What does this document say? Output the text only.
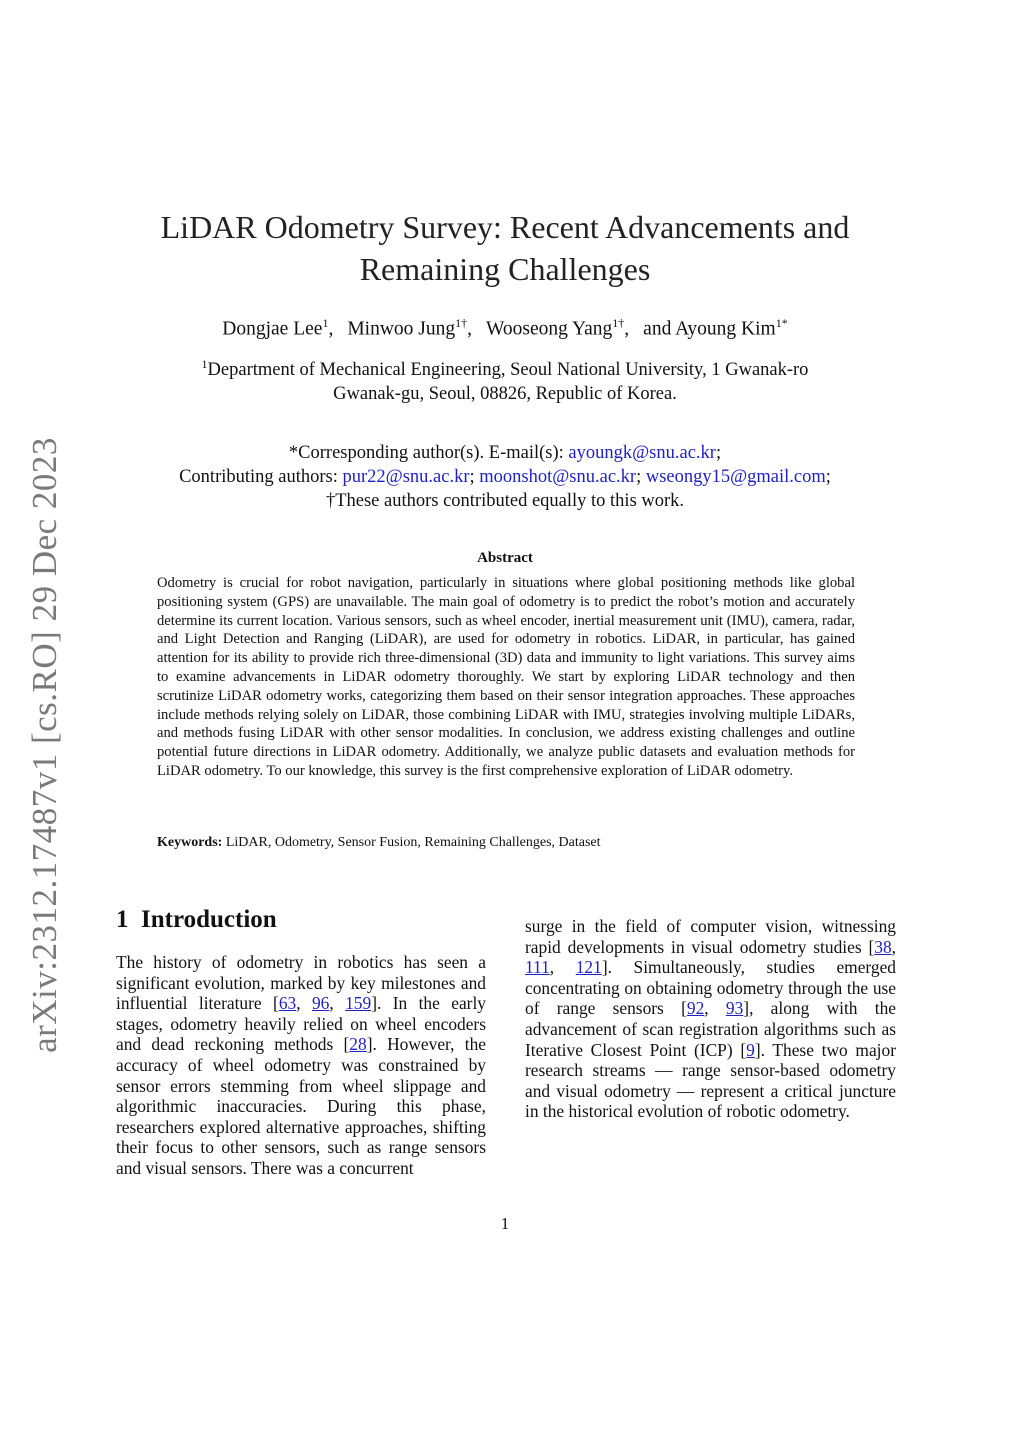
arXiv:2312.17487v1 [cs.RO] 29 Dec 2023
LiDAR Odometry Survey: Recent Advancements and
Remaining Challenges
Dongjae Lee$^1$, Minwoo Jung$^{1\dagger}$, Wooseong Yang$^{1\dagger}$, and Ayoung Kim$^{1*}$
$^1$Department of Mechanical Engineering, Seoul National University, 1 Gwanak-ro
Gwanak-gu, Seoul, 08826, Republic of Korea.
*Corresponding author(s). E-mail(s): ayoungk@snu.ac.kr;
Contributing authors: pur22@snu.ac.kr; moonshot@snu.ac.kr; wseongy15@gmail.com;
†These authors contributed equally to this work.
Abstract
Odometry is crucial for robot navigation, particularly in situations where global positioning methods like global positioning system (GPS) are unavailable. The main goal of odometry is to predict the robot’s motion and accurately determine its current location. Various sensors, such as wheel encoder, inertial measurement unit (IMU), camera, radar, and Light Detection and Ranging (LiDAR), are used for odometry in robotics. LiDAR, in particular, has gained attention for its ability to provide rich three-dimensional (3D) data and immunity to light variations. This survey aims to examine advancements in LiDAR odometry thoroughly. We start by exploring LiDAR technology and then scrutinize LiDAR odometry works, categorizing them based on their sensor integration approaches. These approaches include methods relying solely on LiDAR, those combining LiDAR with IMU, strategies involving multiple LiDARs, and methods fusing LiDAR with other sensor modalities. In conclusion, we address existing challenges and outline potential future directions in LiDAR odometry. Additionally, we analyze public datasets and evaluation methods for LiDAR odometry. To our knowledge, this survey is the first comprehensive exploration of LiDAR odometry.
Keywords: LiDAR, Odometry, Sensor Fusion, Remaining Challenges, Dataset
1 Introduction
The history of odometry in robotics has seen a significant evolution, marked by key milestones and influential literature [63, 96, 159]. In the early stages, odometry heavily relied on wheel encoders and dead reckoning methods [28]. However, the accuracy of wheel odometry was constrained by sensor errors stemming from wheel slippage and algorithmic inaccuracies. During this phase, researchers explored alternative approaches, shifting their focus to other sensors, such as range sensors and visual sensors. There was a concurrent
surge in the field of computer vision, witnessing rapid developments in visual odometry studies [38, 111, 121]. Simultaneously, studies emerged concentrating on obtaining odometry through the use of range sensors [92, 93], along with the advancement of scan registration algorithms such as Iterative Closest Point (ICP) [9]. These two major research streams — range sensor-based odometry and visual odometry — represent a critical juncture in the historical evolution of robotic odometry.
1
